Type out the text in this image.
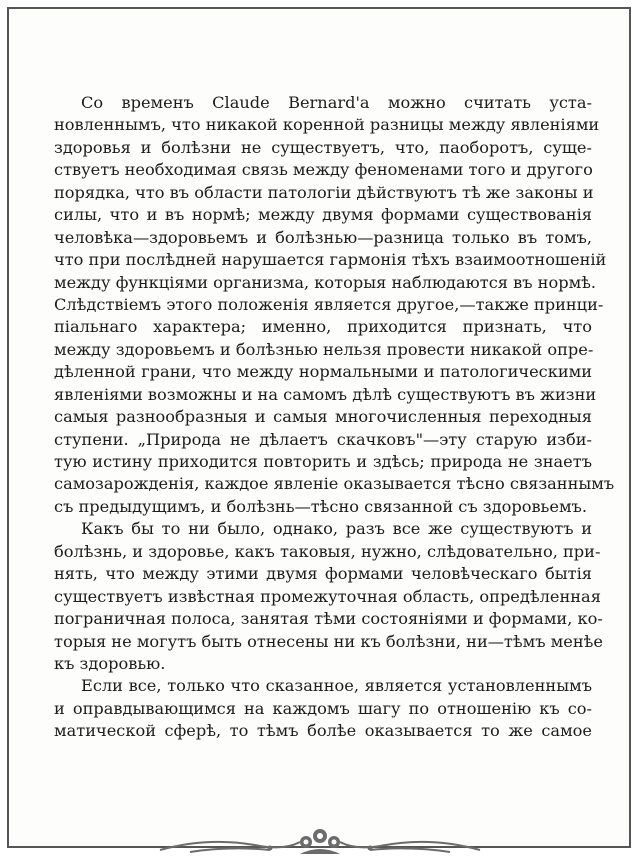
Со временъ Claude Bernard'а можно считать уста-
новленнымъ, что никакой коренной разницы между явленіями
здоровья и болѣзни не существуетъ, что, паоборотъ, суще-
ствуетъ необходимая связь между феноменами того и другого
порядка, что въ области патологіи дѣйствуютъ тѣ же законы и
силы, что и въ нормѣ; между двумя формами существованія
человѣка—здоровьемъ и болѣзнью—разница только въ томъ,
что при послѣдней нарушается гармонія тѣхъ взаимоотношеній
между функціями организма, которыя наблюдаются въ нормѣ.
Слѣдствіемъ этого положенія является другое,—также принци-
піальнаго характера; именно, приходится признать, что
между здоровьемъ и болѣзнью нельзя провести никакой опре-
дѣленной грани, что между нормальными и патологическими
явленіями возможны и на самомъ дѣлѣ существуютъ въ жизни
самыя разнообразныя и самыя многочисленныя переходныя
ступени. „Природа не дѣлаетъ скачковъ"—эту старую изби-
тую истину приходится повторить и здѣсь; природа не знаетъ
самозарожденія, каждое явленіе оказывается тѣсно связаннымъ
съ предыдущимъ, и болѣзнь—тѣсно связанной съ здоровьемъ.
Какъ бы то ни было, однако, разъ все же существуютъ и
болѣзнь, и здоровье, какъ таковыя, нужно, слѣдовательно, при-
нять, что между этими двумя формами человѣческаго бытія
существуетъ извѣстная промежуточная область, опредѣленная
пограничная полоса, занятая тѣми состояніями и формами, ко-
торыя не могутъ быть отнесены ни къ болѣзни, ни—тѣмъ менѣе
къ здоровью.
Если все, только что сказанное, является установленнымъ
и оправдывающимся на каждомъ шагу по отношенію къ со-
матической сферѣ, то тѣмъ болѣе оказывается то же самое
